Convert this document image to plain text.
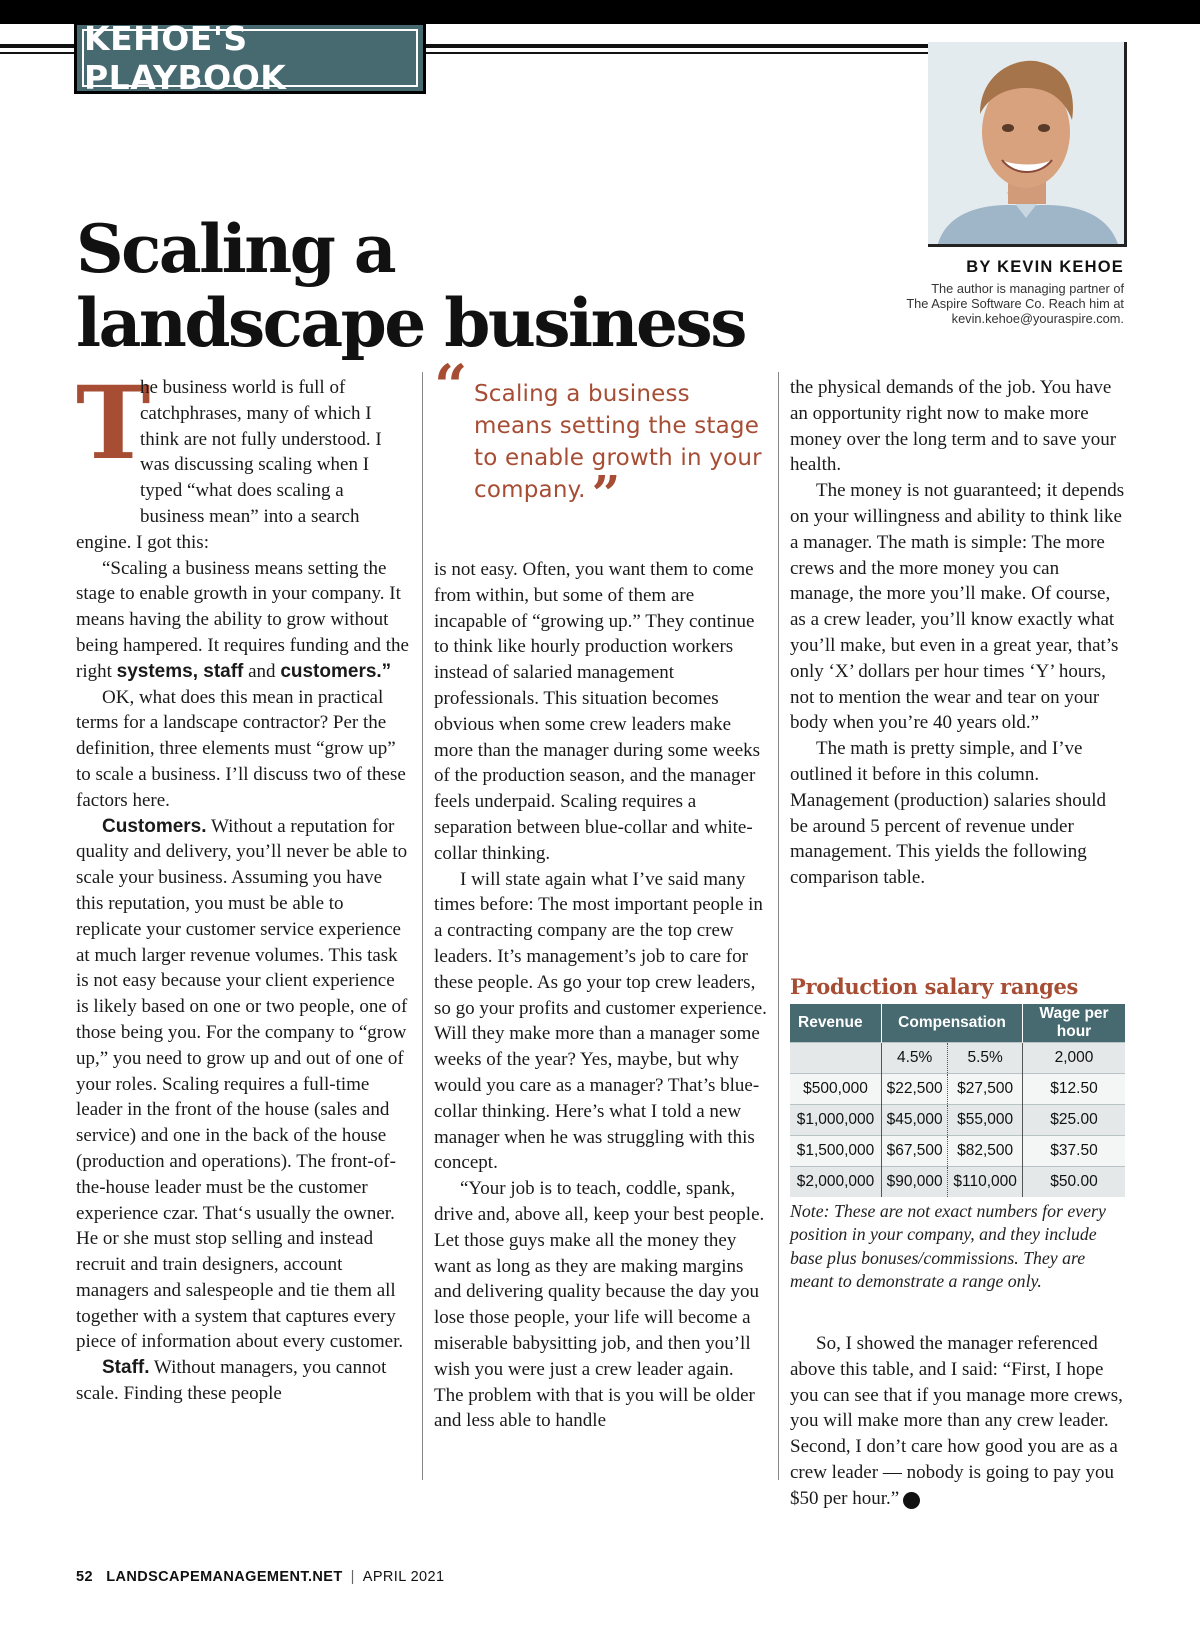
KEHOE'S PLAYBOOK
BY KEVIN KEHOE
The author is managing partner of
The Aspire Software Co. Reach him at
kevin.kehoe@youraspire.com.
Scaling a
landscape business

T
he business world is full of catchphrases, many of which I think are not fully understood. I was discussing scaling when I typed “what does scaling a business mean” into a search engine. I got this:

“Scaling a business means setting the stage to enable growth in your company. It means having the ability to grow without being hampered. It requires funding and the right systems, staff and customers.”

OK, what does this mean in practical terms for a landscape contractor? Per the definition, three elements must “grow up” to scale a business. I’ll discuss two of these factors here.

Customers. Without a reputation for quality and delivery, you’ll never be able to scale your business. Assuming you have this reputation, you must be able to replicate your customer service experience at much larger revenue volumes. This task is not easy because your client experience is likely based on one or two people, one of those being you. For the company to “grow up,” you need to grow up and out of one of your roles. Scaling requires a full-time leader in the front of the house (sales and service) and one in the back of the house (production and operations). The front-of-the-house leader must be the customer experience czar. That‘s usually the owner. He or she must stop selling and instead recruit and train designers, account managers and salespeople and tie them all together with a system that captures every piece of information about every customer.

Staff. Without managers, you cannot scale. Finding these people

“ Scaling a business means setting the stage to enable growth in your company. ”

is not easy. Often, you want them to come from within, but some of them are incapable of “growing up.” They continue to think like hourly production workers instead of salaried management professionals. This situation becomes obvious when some crew leaders make more than the manager during some weeks of the production season, and the manager feels underpaid. Scaling requires a separation between blue-collar and white-collar thinking.

I will state again what I’ve said many times before: The most important people in a contracting company are the top crew leaders. It’s management’s job to care for these people. As go your top crew leaders, so go your profits and customer experience. Will they make more than a manager some weeks of the year? Yes, maybe, but why would you care as a manager? That’s blue-collar thinking. Here’s what I told a new manager when he was struggling with this concept.

“Your job is to teach, coddle, spank, drive and, above all, keep your best people. Let those guys make all the money they want as long as they are making margins and delivering quality because the day you lose those people, your life will become a miserable babysitting job, and then you’ll wish you were just a crew leader again. The problem with that is you will be older and less able to handle

the physical demands of the job. You have an opportunity right now to make more money over the long term and to save your health.

The money is not guaranteed; it depends on your willingness and ability to think like a manager. The math is simple: The more crews and the more money you can manage, the more you’ll make. Of course, as a crew leader, you’ll know exactly what you’ll make, but even in a great year, that’s only ‘X’ dollars per hour times ‘Y’ hours, not to mention the wear and tear on your body when you’re 40 years old.”

The math is pretty simple, and I’ve outlined it before in this column. Management (production) salaries should be around 5 percent of revenue under management. This yields the following comparison table.

Production salary ranges
Revenue	Compensation		Wage per hour
	4.5%	5.5%	2,000
$500,000	$22,500	$27,500	$12.50
$1,000,000	$45,000	$55,000	$25.00
$1,500,000	$67,500	$82,500	$37.50
$2,000,000	$90,000	$110,000	$50.00
Note: These are not exact numbers for every position in your company, and they include base plus bonuses/commissions. They are meant to demonstrate a range only.

So, I showed the manager referenced above this table, and I said: “First, I hope you can see that if you manage more crews, you will make more than any crew leader. Second, I don’t care how good you are as a crew leader — nobody is going to pay you $50 per hour.”	LM

52 LANDSCAPEMANAGEMENT.NET | APRIL 2021
